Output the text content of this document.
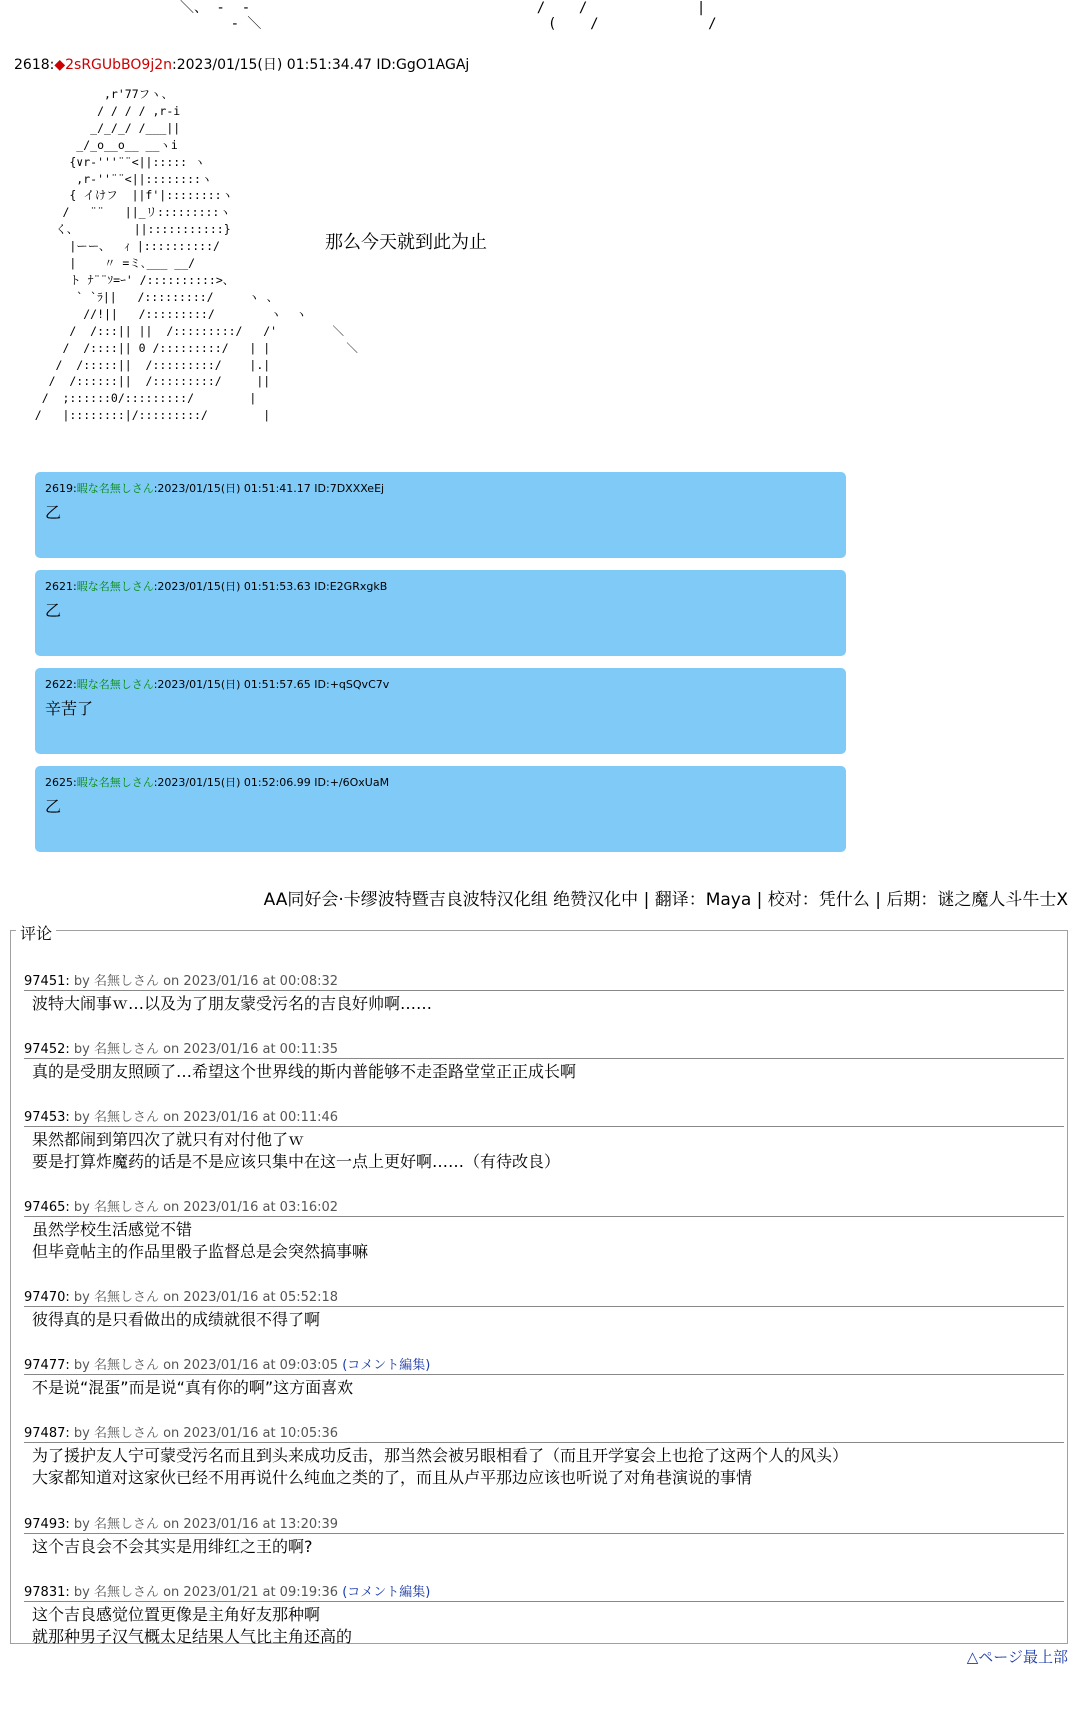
＼、 -  -                                  /    /             |
‐ ＼                                  (    /             /
2618:◆2sRGUbBO9j2n:2023/01/15(日) 01:51:34.47 ID:GgO1AGAj
,r'77フヽ、
/ / / / ,r‐i
_/_/_/ /___||
_/_o__o__ __ヽi
{∨r‐'''¨¨<||::::: ヽ
,r‐''¨¨<||::::::::ヽ
{ イけフ  ||f'|::::::::ヽ
/   ¨¨   ||_リ:::::::::ヽ
く、        ||:::::::::::}
|ーー、  ｨ |::::::::::/
|    〃 =ミ､___ __/
ト ﾅ¨¨ｿ=ｰ' /::::::::::>、
` `ﾗ||   /:::::::::/     ヽ 、
//!||   /:::::::::/        ヽ  ヽ
/  /:::|| ||  /:::::::::/   /'        ＼
/  /::::|| 0 /:::::::::/   | |           ＼
/  /:::::||  /:::::::::/    |.|
/  /::::::||  /:::::::::/     ||
/  ;::::::0/:::::::::/        |
/   |::::::::|/:::::::::/        |
那么今天就到此为止
2619:暇な名無しさん:2023/01/15(日) 01:51:41.17 ID:7DXXXeEj
乙
2621:暇な名無しさん:2023/01/15(日) 01:51:53.63 ID:E2GRxgkB
乙
2622:暇な名無しさん:2023/01/15(日) 01:51:57.65 ID:+qSQvC7v
辛苦了
2625:暇な名無しさん:2023/01/15(日) 01:52:06.99 ID:+/6OxUaM
乙
AA同好会·卡缪波特暨吉良波特汉化组 绝赞汉化中 | 翻译：Maya | 校对：凭什么 | 后期：谜之魔人斗牛士X
评论
97451: by 名無しさん on 2023/01/16 at 00:08:32
波特大闹事ｗ…以及为了朋友蒙受污名的吉良好帅啊……
97452: by 名無しさん on 2023/01/16 at 00:11:35
真的是受朋友照顾了…希望这个世界线的斯内普能够不走歪路堂堂正正成长啊
97453: by 名無しさん on 2023/01/16 at 00:11:46
果然都闹到第四次了就只有对付他了ｗ
要是打算炸魔药的话是不是应该只集中在这一点上更好啊……（有待改良）
97465: by 名無しさん on 2023/01/16 at 03:16:02
虽然学校生活感觉不错
但毕竟帖主的作品里骰子监督总是会突然搞事嘛
97470: by 名無しさん on 2023/01/16 at 05:52:18
彼得真的是只看做出的成绩就很不得了啊
97477: by 名無しさん on 2023/01/16 at 09:03:05 (コメント編集)
不是说“混蛋”而是说“真有你的啊”这方面喜欢
97487: by 名無しさん on 2023/01/16 at 10:05:36
为了援护友人宁可蒙受污名而且到头来成功反击，那当然会被另眼相看了（而且开学宴会上也抢了这两个人的风头）
大家都知道对这家伙已经不用再说什么纯血之类的了，而且从卢平那边应该也听说了对角巷演说的事情
97493: by 名無しさん on 2023/01/16 at 13:20:39
这个吉良会不会其实是用绯红之王的啊?
97831: by 名無しさん on 2023/01/21 at 09:19:36 (コメント編集)
这个吉良感觉位置更像是主角好友那种啊
就那种男子汉气概太足结果人气比主角还高的
△ページ最上部
